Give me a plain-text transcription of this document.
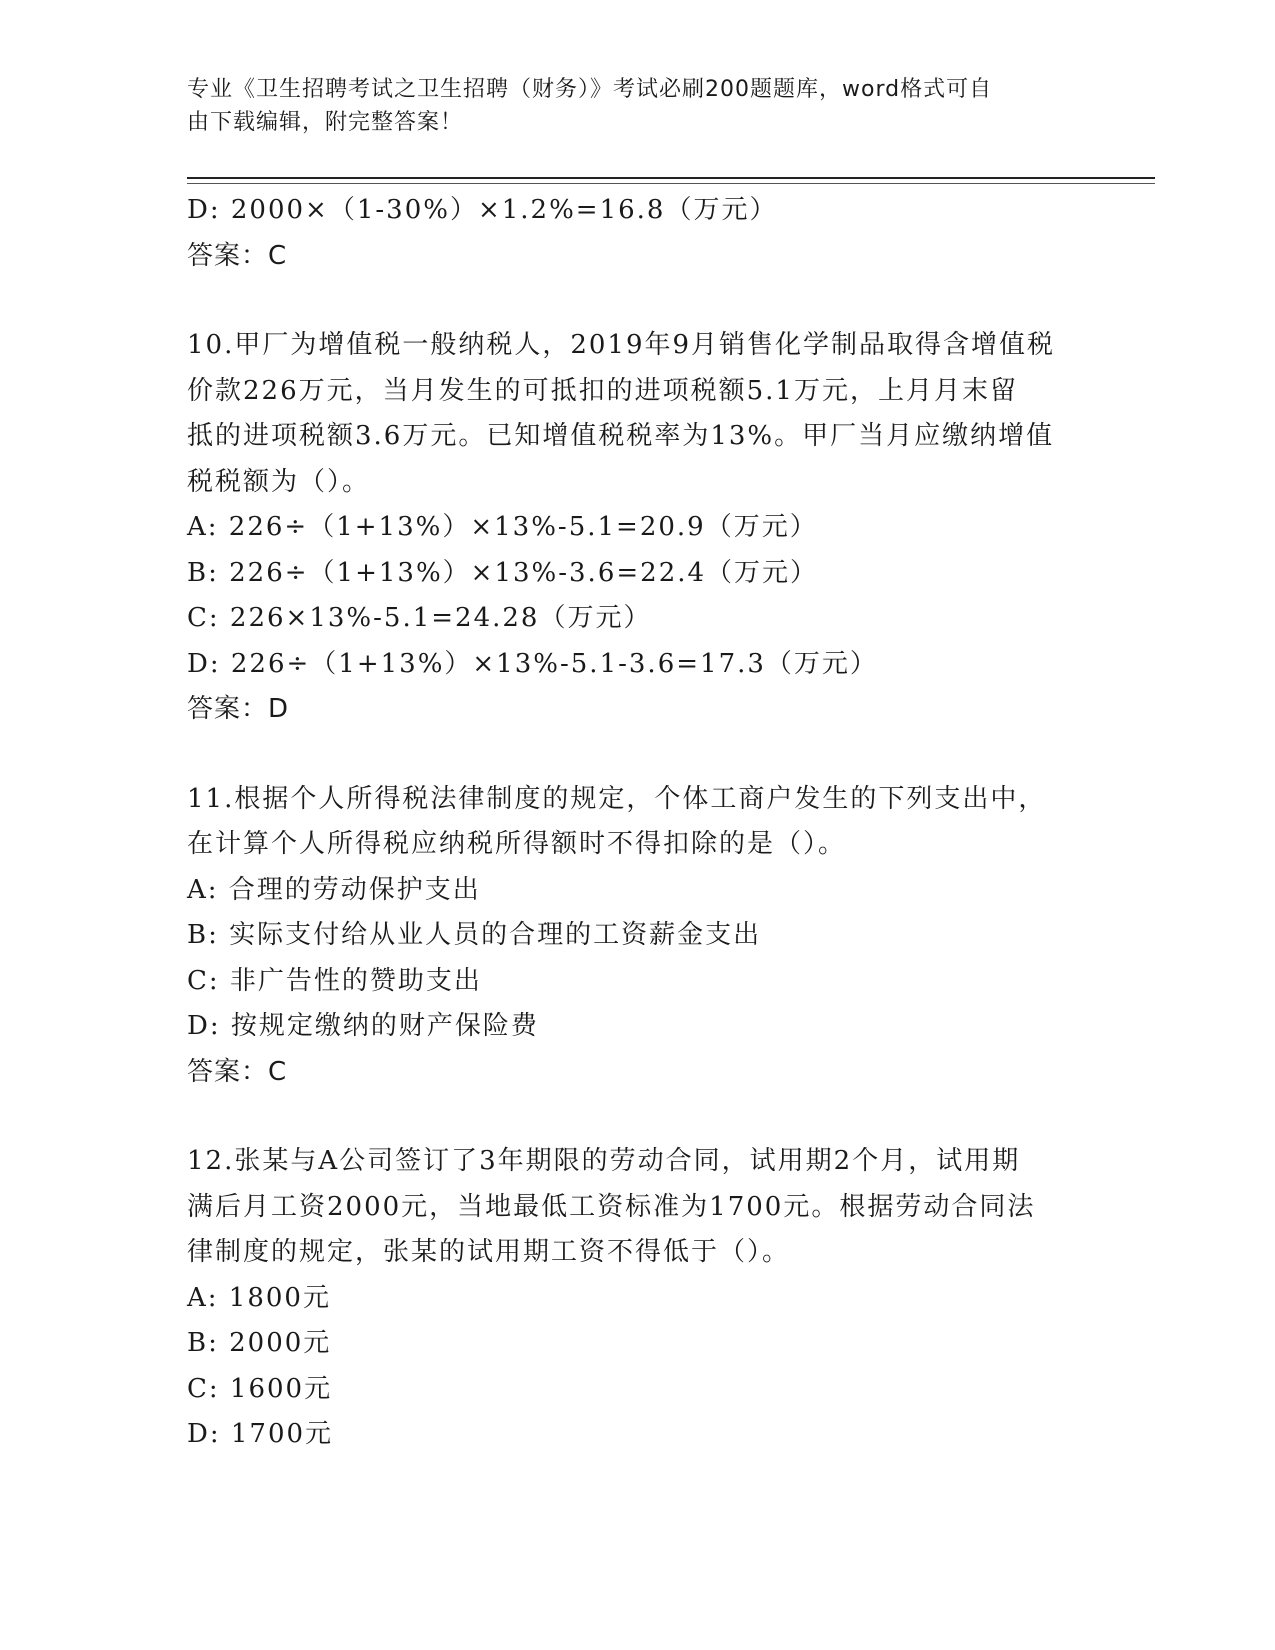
专业《卫生招聘考试之卫生招聘（财务）》考试必刷200题题库，word格式可自
由下载编辑，附完整答案！
D: 2000×（1-30%）×1.2%=16.8（万元）
答案：C
10.甲厂为增值税一般纳税人，2019年9月销售化学制品取得含增值税
价款226万元，当月发生的可抵扣的进项税额5.1万元，上月月末留
抵的进项税额3.6万元。已知增值税税率为13%。甲厂当月应缴纳增值
税税额为（）。
A: 226÷（1+13%）×13%-5.1=20.9（万元）
B: 226÷（1+13%）×13%-3.6=22.4（万元）
C: 226×13%-5.1=24.28（万元）
D: 226÷（1+13%）×13%-5.1-3.6=17.3（万元）
答案：D
11.根据个人所得税法律制度的规定，个体工商户发生的下列支出中，
在计算个人所得税应纳税所得额时不得扣除的是（）。
A: 合理的劳动保护支出
B: 实际支付给从业人员的合理的工资薪金支出
C: 非广告性的赞助支出
D: 按规定缴纳的财产保险费
答案：C
12.张某与A公司签订了3年期限的劳动合同，试用期2个月，试用期
满后月工资2000元，当地最低工资标准为1700元。根据劳动合同法
律制度的规定，张某的试用期工资不得低于（）。
A: 1800元
B: 2000元
C: 1600元
D: 1700元
